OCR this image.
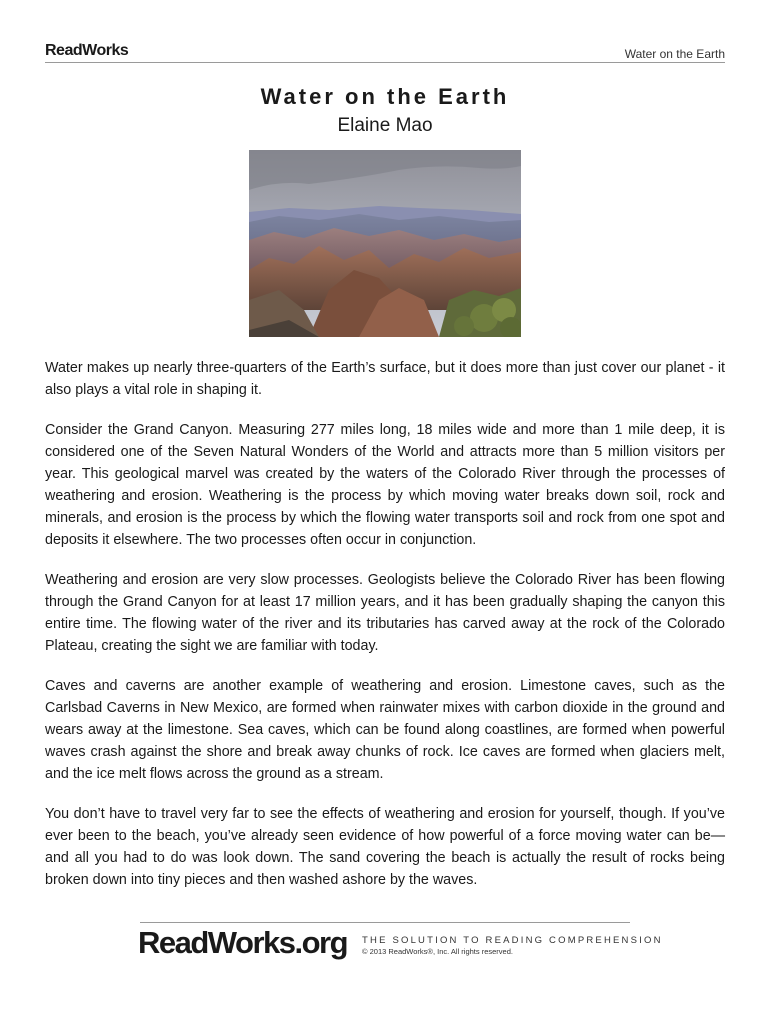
ReadWorks	Water on the Earth
Water on the Earth
Elaine Mao

Water makes up nearly three-quarters of the Earth’s surface, but it does more than just cover our planet - it also plays a vital role in shaping it.

Consider the Grand Canyon. Measuring 277 miles long, 18 miles wide and more than 1 mile deep, it is considered one of the Seven Natural Wonders of the World and attracts more than 5 million visitors per year. This geological marvel was created by the waters of the Colorado River through the processes of weathering and erosion. Weathering is the process by which moving water breaks down soil, rock and minerals, and erosion is the process by which the flowing water transports soil and rock from one spot and deposits it elsewhere. The two processes often occur in conjunction.

Weathering and erosion are very slow processes. Geologists believe the Colorado River has been flowing through the Grand Canyon for at least 17 million years, and it has been gradually shaping the canyon this entire time. The flowing water of the river and its tributaries has carved away at the rock of the Colorado Plateau, creating the sight we are familiar with today.

Caves and caverns are another example of weathering and erosion. Limestone caves, such as the Carlsbad Caverns in New Mexico, are formed when rainwater mixes with carbon dioxide in the ground and wears away at the limestone. Sea caves, which can be found along coastlines, are formed when powerful waves crash against the shore and break away chunks of rock. Ice caves are formed when glaciers melt, and the ice melt flows across the ground as a stream.

You don’t have to travel very far to see the effects of weathering and erosion for yourself, though. If you’ve ever been to the beach, you’ve already seen evidence of how powerful of a force moving water can be—and all you had to do was look down. The sand covering the beach is actually the result of rocks being broken down into tiny pieces and then washed ashore by the waves.

ReadWorks.org THE SOLUTION TO READING COMPREHENSION
© 2013 ReadWorks®, Inc. All rights reserved.
